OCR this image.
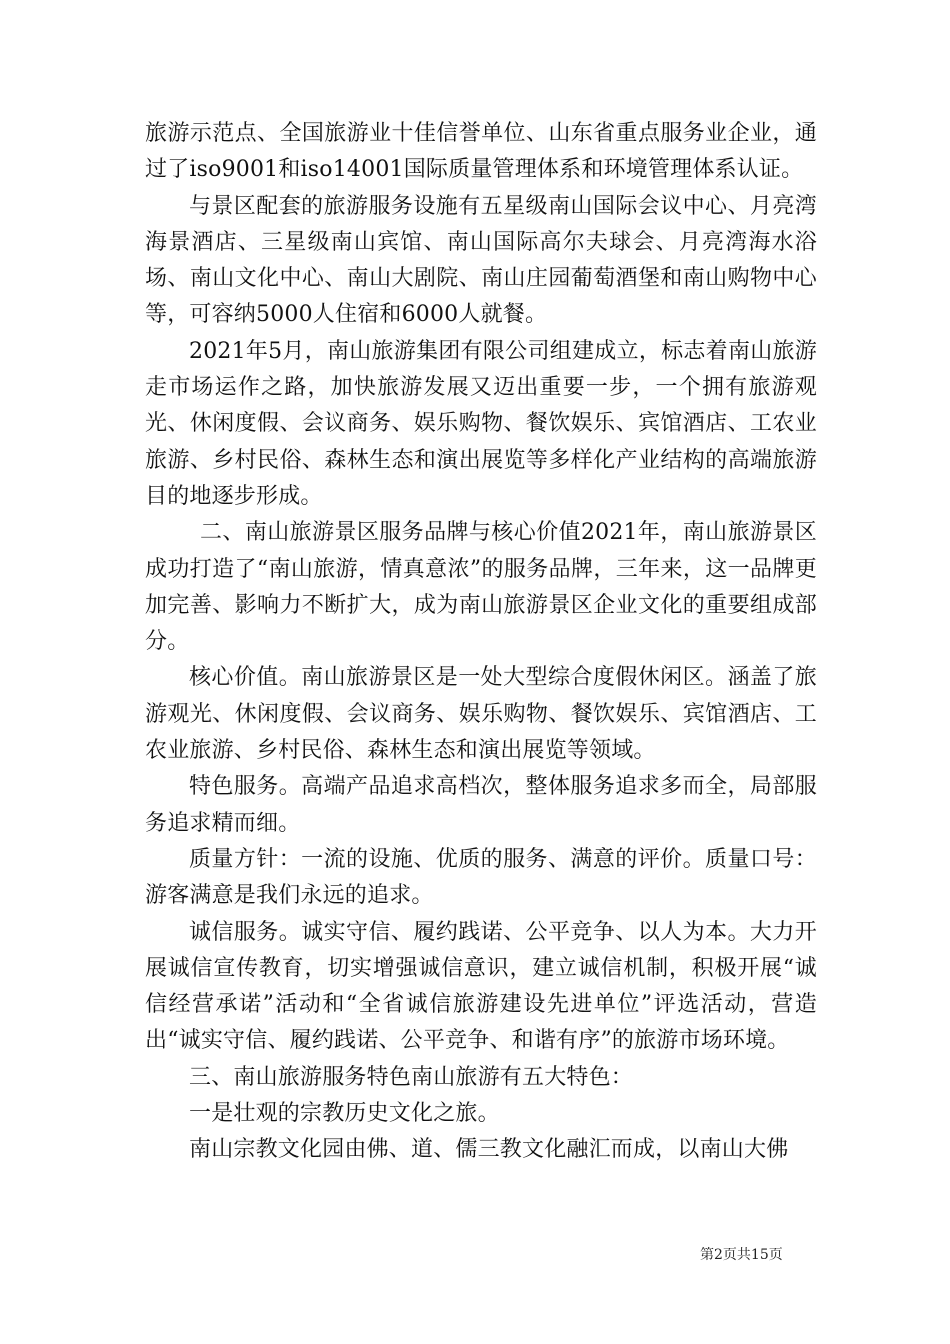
旅游示范点、全国旅游业十佳信誉单位、山东省重点服务业企业，通过了iso9001和iso14001国际质量管理体系和环境管理体系认证。

与景区配套的旅游服务设施有五星级南山国际会议中心、月亮湾海景酒店、三星级南山宾馆、南山国际高尔夫球会、月亮湾海水浴场、南山文化中心、南山大剧院、南山庄园葡萄酒堡和南山购物中心等，可容纳5000人住宿和6000人就餐。

2021年5月，南山旅游集团有限公司组建成立，标志着南山旅游走市场运作之路，加快旅游发展又迈出重要一步，一个拥有旅游观光、休闲度假、会议商务、娱乐购物、餐饮娱乐、宾馆酒店、工农业旅游、乡村民俗、森林生态和演出展览等多样化产业结构的高端旅游目的地逐步形成。

二、南山旅游景区服务品牌与核心价值2021年，南山旅游景区成功打造了“南山旅游，情真意浓”的服务品牌，三年来，这一品牌更加完善、影响力不断扩大，成为南山旅游景区企业文化的重要组成部分。

核心价值。南山旅游景区是一处大型综合度假休闲区。涵盖了旅游观光、休闲度假、会议商务、娱乐购物、餐饮娱乐、宾馆酒店、工农业旅游、乡村民俗、森林生态和演出展览等领域。

特色服务。高端产品追求高档次，整体服务追求多而全，局部服务追求精而细。

质量方针：一流的设施、优质的服务、满意的评价。质量口号：游客满意是我们永远的追求。

诚信服务。诚实守信、履约践诺、公平竞争、以人为本。大力开展诚信宣传教育，切实增强诚信意识，建立诚信机制，积极开展“诚信经营承诺”活动和“全省诚信旅游建设先进单位”评选活动，营造出“诚实守信、履约践诺、公平竞争、和谐有序”的旅游市场环境。

三、南山旅游服务特色南山旅游有五大特色：

一是壮观的宗教历史文化之旅。

南山宗教文化园由佛、道、儒三教文化融汇而成，以南山大佛

第2页共15页
